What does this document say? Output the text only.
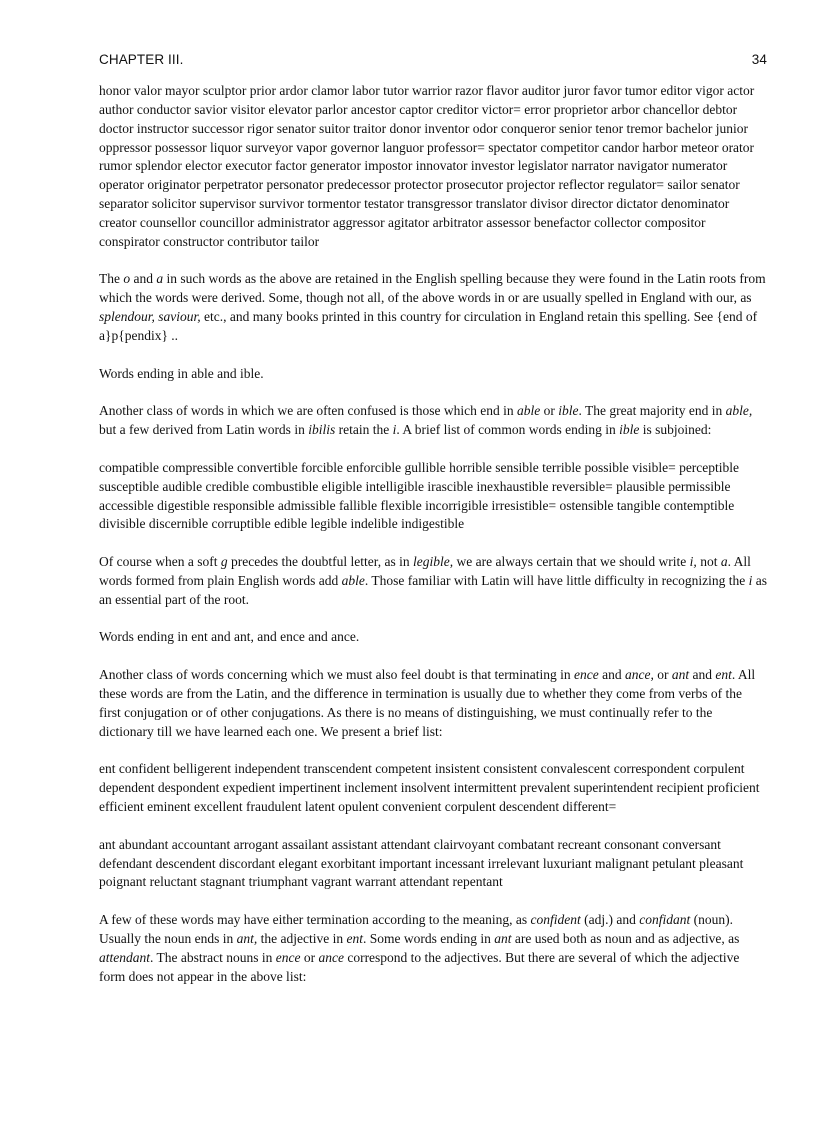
CHAPTER III.	34

honor valor mayor sculptor prior ardor clamor labor tutor warrior razor flavor auditor juror favor tumor editor vigor actor author conductor savior visitor elevator parlor ancestor captor creditor victor= error proprietor arbor chancellor debtor doctor instructor successor rigor senator suitor traitor donor inventor odor conqueror senior tenor tremor bachelor junior oppressor possessor liquor surveyor vapor governor languor professor= spectator competitor candor harbor meteor orator rumor splendor elector executor factor generator impostor innovator investor legislator narrator navigator numerator operator originator perpetrator personator predecessor protector prosecutor projector reflector regulator= sailor senator separator solicitor supervisor survivor tormentor testator transgressor translator divisor director dictator denominator creator counsellor councillor administrator aggressor agitator arbitrator assessor benefactor collector compositor conspirator constructor contributor tailor

The o and a in such words as the above are retained in the English spelling because they were found in the Latin roots from which the words were derived. Some, though not all, of the above words in or are usually spelled in England with our, as splendour, saviour, etc., and many books printed in this country for circulation in England retain this spelling. See {end of a}p{pendix} ..

Words ending in able and ible.

Another class of words in which we are often confused is those which end in able or ible. The great majority end in able, but a few derived from Latin words in ibilis retain the i. A brief list of common words ending in ible is subjoined:

compatible compressible convertible forcible enforcible gullible horrible sensible terrible possible visible= perceptible susceptible audible credible combustible eligible intelligible irascible inexhaustible reversible= plausible permissible accessible digestible responsible admissible fallible flexible incorrigible irresistible= ostensible tangible contemptible divisible discernible corruptible edible legible indelible indigestible

Of course when a soft g precedes the doubtful letter, as in legible, we are always certain that we should write i, not a. All words formed from plain English words add able. Those familiar with Latin will have little difficulty in recognizing the i as an essential part of the root.

Words ending in ent and ant, and ence and ance.

Another class of words concerning which we must also feel doubt is that terminating in ence and ance, or ant and ent. All these words are from the Latin, and the difference in termination is usually due to whether they come from verbs of the first conjugation or of other conjugations. As there is no means of distinguishing, we must continually refer to the dictionary till we have learned each one. We present a brief list:

ent confident belligerent independent transcendent competent insistent consistent convalescent correspondent corpulent dependent despondent expedient impertinent inclement insolvent intermittent prevalent superintendent recipient proficient efficient eminent excellent fraudulent latent opulent convenient corpulent descendent different=

ant abundant accountant arrogant assailant assistant attendant clairvoyant combatant recreant consonant conversant defendant descendent discordant elegant exorbitant important incessant irrelevant luxuriant malignant petulant pleasant poignant reluctant stagnant triumphant vagrant warrant attendant repentant

A few of these words may have either termination according to the meaning, as confident (adj.) and confidant (noun). Usually the noun ends in ant, the adjective in ent. Some words ending in ant are used both as noun and as adjective, as attendant. The abstract nouns in ence or ance correspond to the adjectives. But there are several of which the adjective form does not appear in the above list:
